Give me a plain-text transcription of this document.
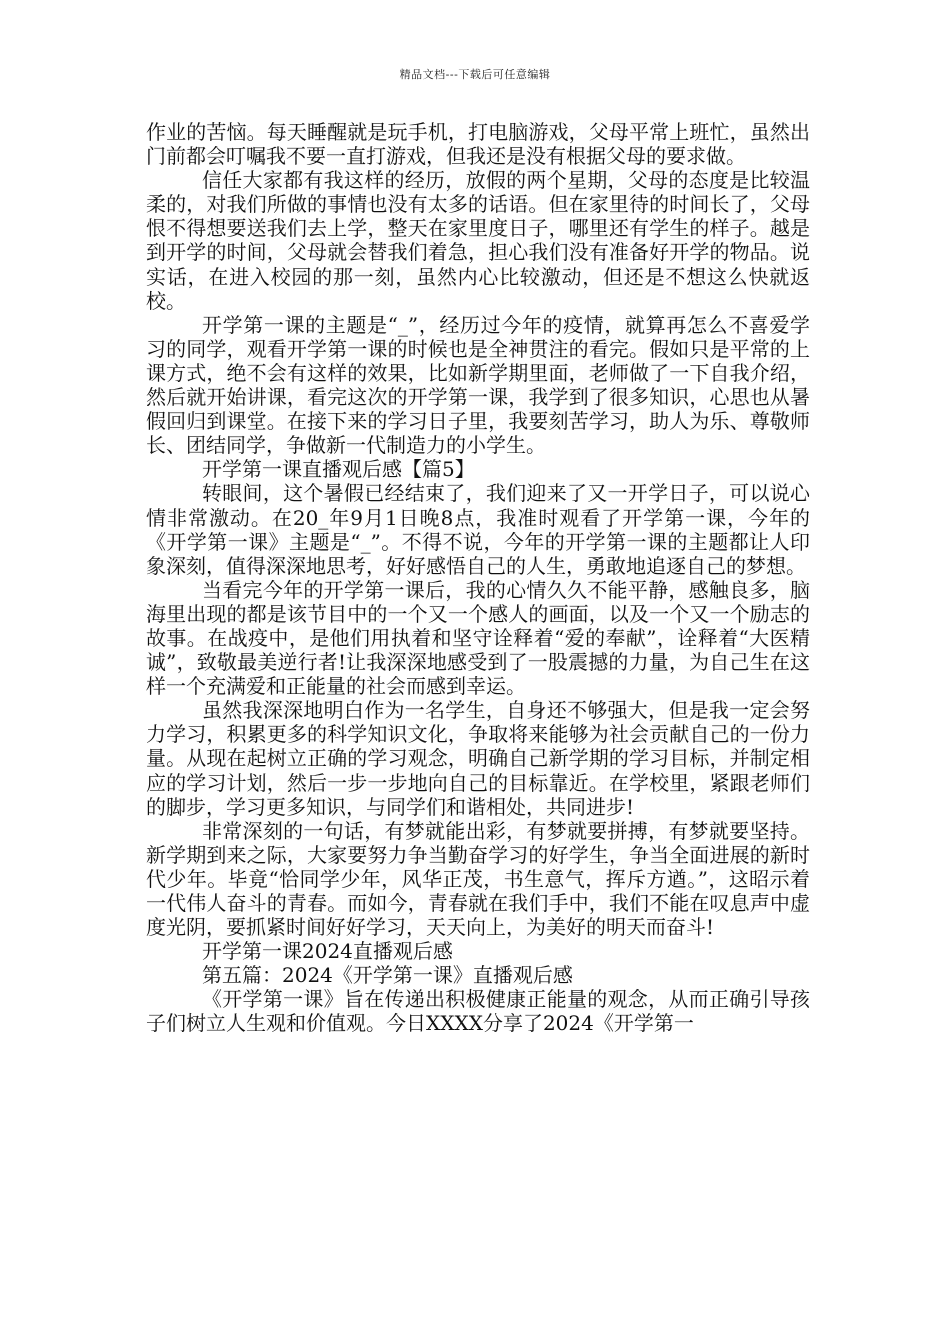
精品文档---下载后可任意编辑

作业的苦恼。每天睡醒就是玩手机，打电脑游戏，父母平常上班忙，虽然出门前都会叮嘱我不要一直打游戏，但我还是没有根据父母的要求做。

信任大家都有我这样的经历，放假的两个星期，父母的态度是比较温柔的，对我们所做的事情也没有太多的话语。但在家里待的时间长了，父母恨不得想要送我们去上学，整天在家里度日子，哪里还有学生的样子。越是到开学的时间，父母就会替我们着急，担心我们没有准备好开学的物品。说实话，在进入校园的那一刻，虽然内心比较激动，但还是不想这么快就返校。

开学第一课的主题是“_”，经历过今年的疫情，就算再怎么不喜爱学习的同学，观看开学第一课的时候也是全神贯注的看完。假如只是平常的上课方式，绝不会有这样的效果，比如新学期里面，老师做了一下自我介绍，然后就开始讲课，看完这次的开学第一课，我学到了很多知识，心思也从暑假回归到课堂。在接下来的学习日子里，我要刻苦学习，助人为乐、尊敬师长、团结同学，争做新一代制造力的小学生。

开学第一课直播观后感【篇5】

转眼间，这个暑假已经结束了，我们迎来了又一开学日子，可以说心情非常激动。在20_年9月1日晚8点，我准时观看了开学第一课，今年的《开学第一课》主题是“_”。不得不说，今年的开学第一课的主题都让人印象深刻，值得深深地思考，好好感悟自己的人生，勇敢地追逐自己的梦想。

当看完今年的开学第一课后，我的心情久久不能平静，感触良多，脑海里出现的都是该节目中的一个又一个感人的画面，以及一个又一个励志的故事。在战疫中，是他们用执着和坚守诠释着“爱的奉献”，诠释着“大医精诚”，致敬最美逆行者!让我深深地感受到了一股震撼的力量，为自己生在这样一个充满爱和正能量的社会而感到幸运。

虽然我深深地明白作为一名学生，自身还不够强大，但是我一定会努力学习，积累更多的科学知识文化，争取将来能够为社会贡献自己的一份力量。从现在起树立正确的学习观念，明确自己新学期的学习目标，并制定相应的学习计划，然后一步一步地向自己的目标靠近。在学校里，紧跟老师们的脚步，学习更多知识，与同学们和谐相处，共同进步!

非常深刻的一句话，有梦就能出彩，有梦就要拼搏，有梦就要坚持。新学期到来之际，大家要努力争当勤奋学习的好学生，争当全面进展的新时代少年。毕竟“恰同学少年，风华正茂，书生意气，挥斥方遒。”，这昭示着一代伟人奋斗的青春。而如今，青春就在我们手中，我们不能在叹息声中虚度光阴，要抓紧时间好好学习，天天向上，为美好的明天而奋斗!

开学第一课2024直播观后感

第五篇：2024《开学第一课》直播观后感

《开学第一课》旨在传递出积极健康正能量的观念，从而正确引导孩子们树立人生观和价值观。今日XXXX分享了2024《开学第一
